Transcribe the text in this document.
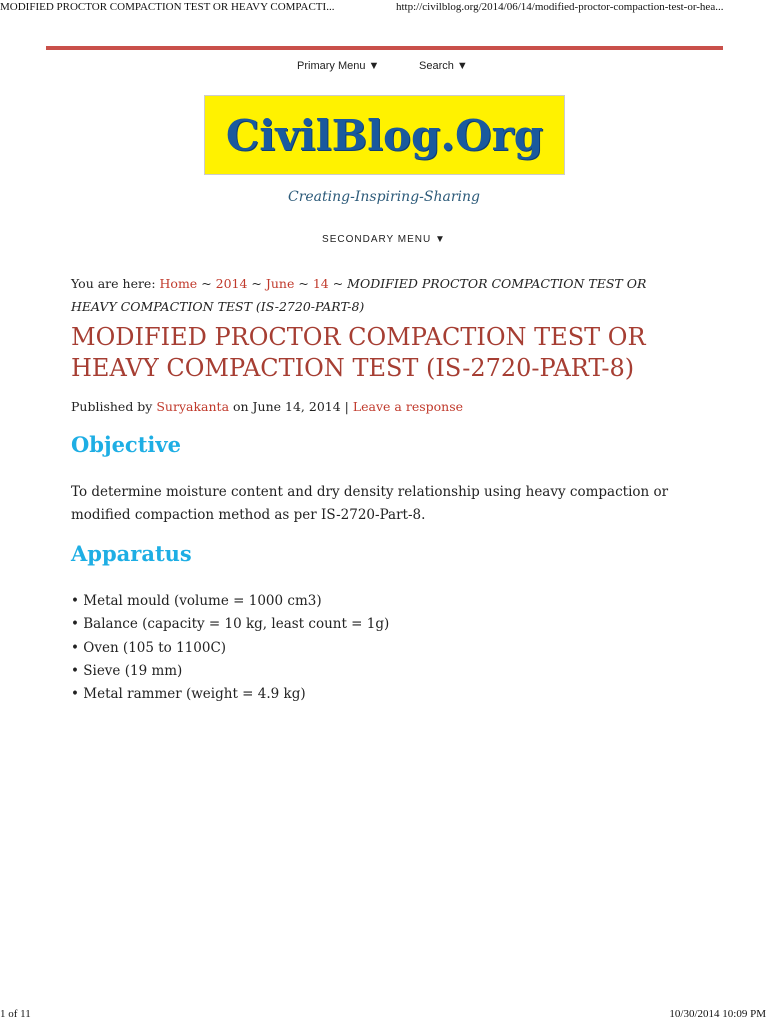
MODIFIED PROCTOR COMPACTION TEST OR HEAVY COMPACTI...	http://civilblog.org/2014/06/14/modified-proctor-compaction-test-or-hea...
Primary Menu ▼	Search ▼
CivilBlog.Org
Creating-Inspiring-Sharing
SECONDARY MENU ▼
You are here: Home ~ 2014 ~ June ~ 14 ~ MODIFIED PROCTOR COMPACTION TEST OR HEAVY COMPACTION TEST (IS-2720-PART-8)
MODIFIED PROCTOR COMPACTION TEST OR HEAVY COMPACTION TEST (IS-2720-PART-8)
Published by Suryakanta on June 14, 2014 | Leave a response
Objective

To determine moisture content and dry density relationship using heavy compaction or modified compaction method as per IS-2720-Part-8.

Apparatus
• Metal mould (volume = 1000 cm3)
• Balance (capacity = 10 kg, least count = 1g)
• Oven (105 to 1100C)
• Sieve (19 mm)
• Metal rammer (weight = 4.9 kg)
1 of 11	10/30/2014 10:09 PM
